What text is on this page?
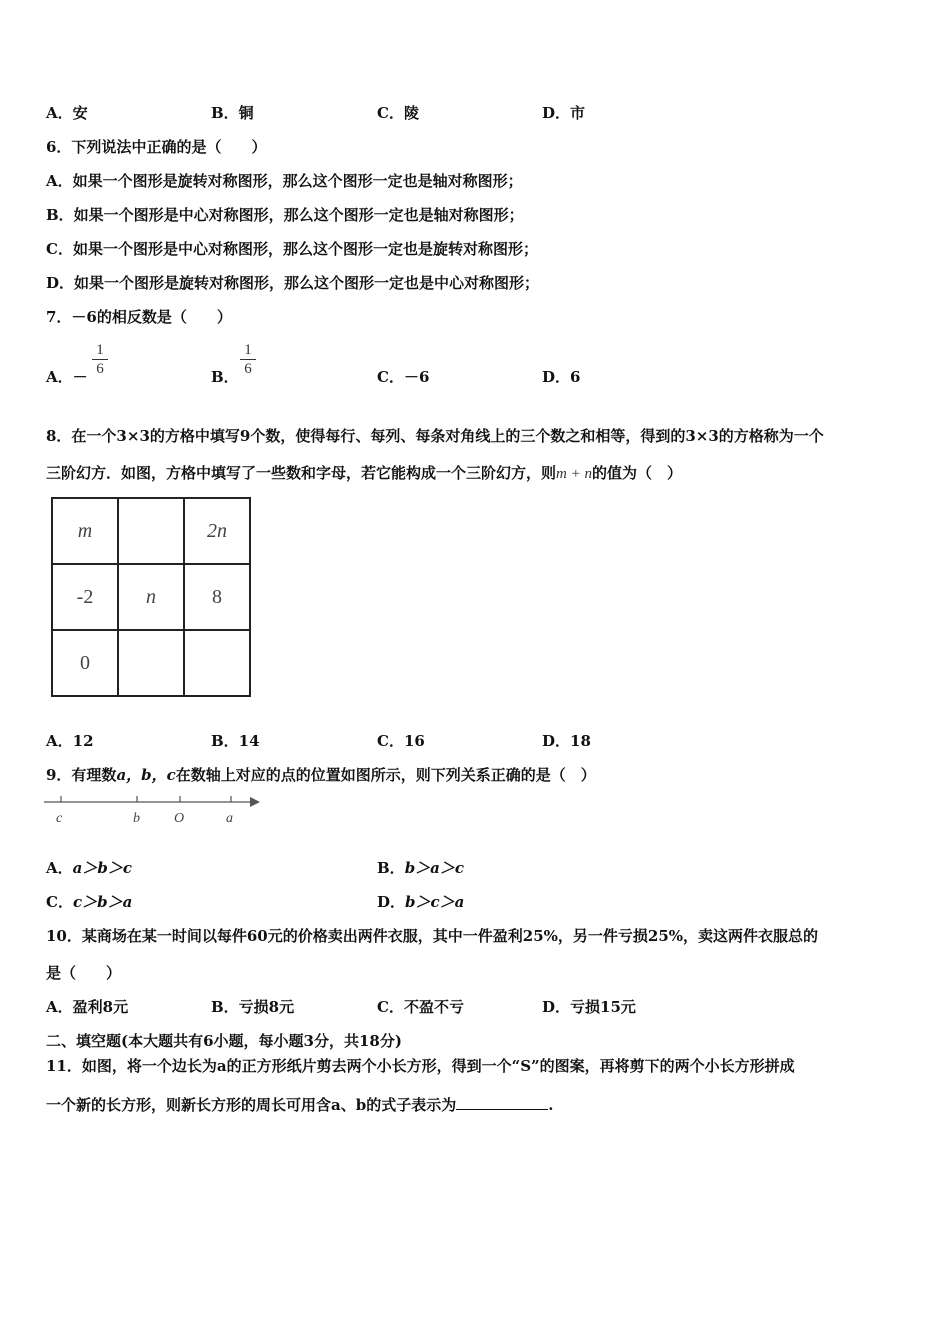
A．安	B．铜	C．陵	D．市
6．下列说法中正确的是（　　）
A．如果一个图形是旋转对称图形，那么这个图形一定也是轴对称图形；
B．如果一个图形是中心对称图形，那么这个图形一定也是轴对称图形；
C．如果一个图形是中心对称图形，那么这个图形一定也是旋转对称图形；
D．如果一个图形是旋转对称图形，那么这个图形一定也是中心对称图形；
7．－6的相反数是（　　）
A．－
1
6	B．
1
6	C．－6	D．6
8．在一个3×3的方格中填写9个数，使得每行、每列、每条对角线上的三个数之和相等，得到的3×3的方格称为一个
三阶幻方．如图，方格中填写了一些数和字母，若它能构成一个三阶幻方，则m + n的值为（　）
m		2n
-2	n	8
0		
A．12	B．14	C．16	D．18
9．有理数a，b，c在数轴上对应的点的位置如图所示，则下列关系正确的是（　）
c	b O	a
A．a＞b＞c	B．b＞a＞c
C．c＞b＞a	D．b＞c＞a
10．某商场在某一时间以每件60元的价格卖出两件衣服，其中一件盈利25%，另一件亏损25%，卖这两件衣服总的
是（　　）
A．盈利8元	B．亏损8元	C．不盈不亏	D．亏损15元
二、填空题(本大题共有6小题，每小题3分，共18分)
11．如图，将一个边长为a的正方形纸片剪去两个小长方形，得到一个“S”的图案，再将剪下的两个小长方形拼成
一个新的长方形，则新长方形的周长可用含a、b的式子表示为	.
